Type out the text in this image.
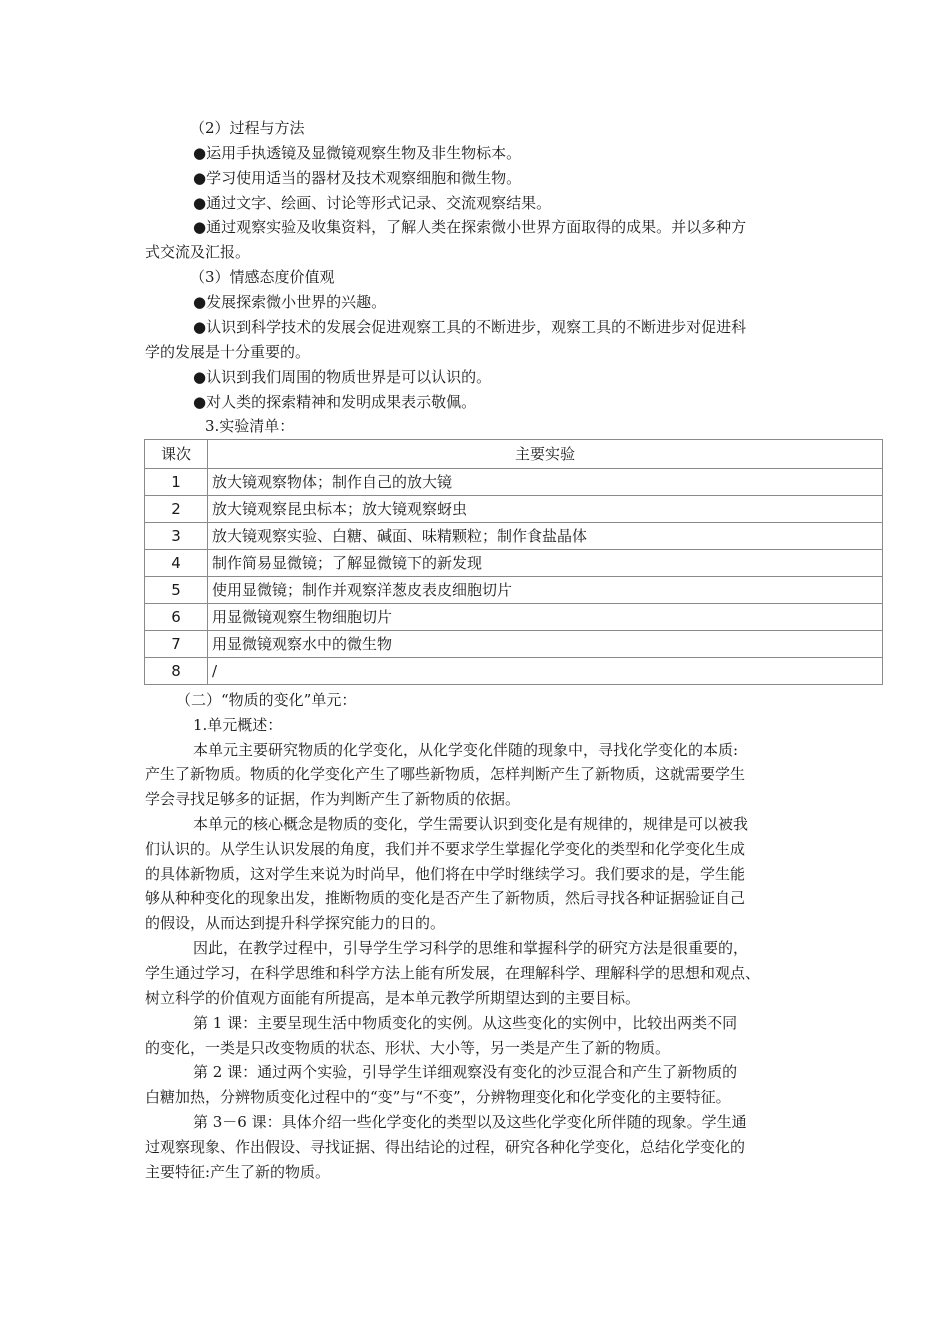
（2）过程与方法
●运用手执透镜及显微镜观察生物及非生物标本。
●学习使用适当的器材及技术观察细胞和微生物。
●通过文字、绘画、讨论等形式记录、交流观察结果。
●通过观察实验及收集资料，了解人类在探索微小世界方面取得的成果。并以多种方
式交流及汇报。
（3）情感态度价值观
●发展探索微小世界的兴趣。
●认识到科学技术的发展会促进观察工具的不断进步，观察工具的不断进步对促进科
学的发展是十分重要的。
●认识到我们周围的物质世界是可以认识的。
●对人类的探索精神和发明成果表示敬佩。
3.实验清单：
课次	主要实验
1	放大镜观察物体；制作自己的放大镜
2	放大镜观察昆虫标本；放大镜观察蚜虫
3	放大镜观察实验、白糖、碱面、味精颗粒；制作食盐晶体
4	制作简易显微镜；了解显微镜下的新发现
5	使用显微镜；制作并观察洋葱皮表皮细胞切片
6	用显微镜观察生物细胞切片
7	用显微镜观察水中的微生物
8	/
（二）“物质的变化”单元：
1.单元概述：
本单元主要研究物质的化学变化，从化学变化伴随的现象中，寻找化学变化的本质:
产生了新物质。物质的化学变化产生了哪些新物质，怎样判断产生了新物质，这就需要学生
学会寻找足够多的证据，作为判断产生了新物质的依据。
本单元的核心概念是物质的变化，学生需要认识到变化是有规律的，规律是可以被我
们认识的。从学生认识发展的角度，我们并不要求学生掌握化学变化的类型和化学变化生成
的具体新物质，这对学生来说为时尚早，他们将在中学时继续学习。我们要求的是，学生能
够从种种变化的现象出发，推断物质的变化是否产生了新物质，然后寻找各种证据验证自己
的假设，从而达到提升科学探究能力的日的。
因此，在教学过程中，引导学生学习科学的思维和掌握科学的研究方法是很重要的，
学生通过学习，在科学思维和科学方法上能有所发展，在理解科学、理解科学的思想和观点、
树立科学的价值观方面能有所提高，是本单元教学所期望达到的主要目标。
第 1 课：主要呈现生活中物质变化的实例。从这些变化的实例中，比较出两类不同
的变化，一类是只改变物质的状态、形状、大小等，另一类是产生了新的物质。
第 2 课：通过两个实验，引导学生详细观察没有变化的沙豆混合和产生了新物质的
白糖加热，分辨物质变化过程中的“变”与“不变”，分辨物理变化和化学变化的主要特征。
第 3－6 课：具体介绍一些化学变化的类型以及这些化学变化所伴随的现象。学生通
过观察现象、作出假设、寻找证据、得出结论的过程，研究各种化学变化，总结化学变化的
主要特征:产生了新的物质。
